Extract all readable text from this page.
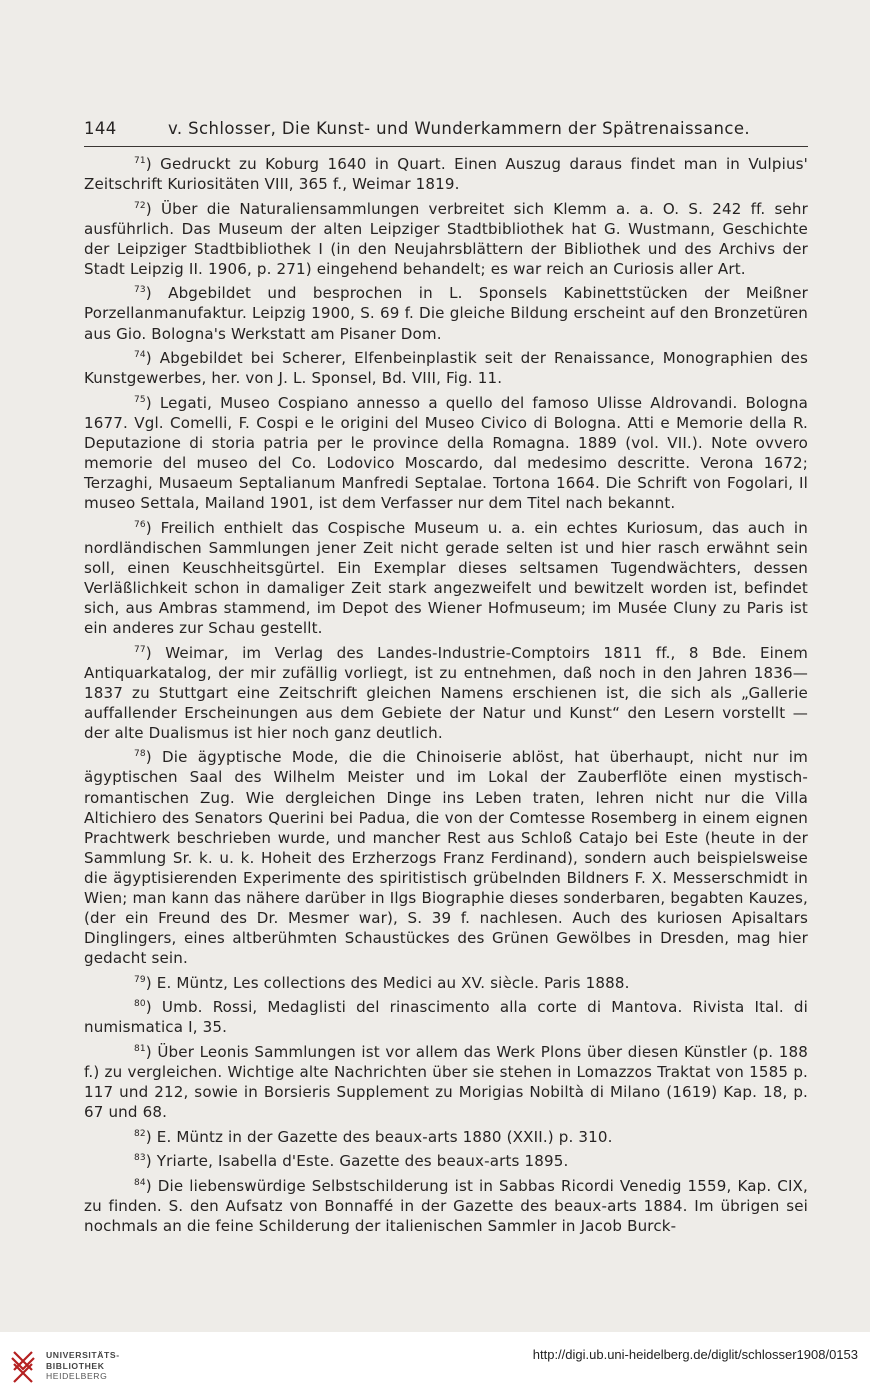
144	v. Schlosser, Die Kunst- und Wunderkammern der Spätrenaissance.

$^{71}$) Gedruckt zu Koburg 1640 in Quart. Einen Auszug daraus findet man in Vulpius' Zeitschrift Kuriositäten VIII, 365 f., Weimar 1819.

$^{72}$) Über die Naturaliensammlungen verbreitet sich Klemm a. a. O. S. 242 ff. sehr ausführlich. Das Museum der alten Leipziger Stadtbibliothek hat G. Wustmann, Geschichte der Leipziger Stadtbibliothek I (in den Neujahrsblättern der Bibliothek und des Archivs der Stadt Leipzig II. 1906, p. 271) eingehend behandelt; es war reich an Curiosis aller Art.

$^{73}$) Abgebildet und besprochen in L. Sponsels Kabinettstücken der Meißner Porzellanmanufaktur. Leipzig 1900, S. 69 f. Die gleiche Bildung erscheint auf den Bronzetüren aus Gio. Bologna's Werkstatt am Pisaner Dom.

$^{74}$) Abgebildet bei Scherer, Elfenbeinplastik seit der Renaissance, Monographien des Kunstgewerbes, her. von J. L. Sponsel, Bd. VIII, Fig. 11.

$^{75}$) Legati, Museo Cospiano annesso a quello del famoso Ulisse Aldrovandi. Bologna 1677. Vgl. Comelli, F. Cospi e le origini del Museo Civico di Bologna. Atti e Memorie della R. Deputazione di storia patria per le province della Romagna. 1889 (vol. VII.). Note ovvero memorie del museo del Co. Lodovico Moscardo, dal medesimo descritte. Verona 1672; Terzaghi, Musaeum Septalianum Manfredi Septalae. Tortona 1664. Die Schrift von Fogolari, Il museo Settala, Mailand 1901, ist dem Verfasser nur dem Titel nach bekannt.

$^{76}$) Freilich enthielt das Cospische Museum u. a. ein echtes Kuriosum, das auch in nordländischen Sammlungen jener Zeit nicht gerade selten ist und hier rasch erwähnt sein soll, einen Keuschheitsgürtel. Ein Exemplar dieses seltsamen Tugendwächters, dessen Verläßlichkeit schon in damaliger Zeit stark angezweifelt und bewitzelt worden ist, befindet sich, aus Ambras stammend, im Depot des Wiener Hofmuseum; im Musée Cluny zu Paris ist ein anderes zur Schau gestellt.

$^{77}$) Weimar, im Verlag des Landes-Industrie-Comptoirs 1811 ff., 8 Bde. Einem Antiquarkatalog, der mir zufällig vorliegt, ist zu entnehmen, daß noch in den Jahren 1836—1837 zu Stuttgart eine Zeitschrift gleichen Namens erschienen ist, die sich als „Gallerie auffallender Erscheinungen aus dem Gebiete der Natur und Kunst“ den Lesern vorstellt — der alte Dualismus ist hier noch ganz deutlich.

$^{78}$) Die ägyptische Mode, die die Chinoiserie ablöst, hat überhaupt, nicht nur im ägyptischen Saal des Wilhelm Meister und im Lokal der Zauberflöte einen mystisch-romantischen Zug. Wie dergleichen Dinge ins Leben traten, lehren nicht nur die Villa Altichiero des Senators Querini bei Padua, die von der Comtesse Rosemberg in einem eignen Prachtwerk beschrieben wurde, und mancher Rest aus Schloß Catajo bei Este (heute in der Sammlung Sr. k. u. k. Hoheit des Erzherzogs Franz Ferdinand), sondern auch beispielsweise die ägyptisierenden Experimente des spiritistisch grübelnden Bildners F. X. Messerschmidt in Wien; man kann das nähere darüber in Ilgs Biographie dieses sonderbaren, begabten Kauzes, (der ein Freund des Dr. Mesmer war), S. 39 f. nachlesen. Auch des kuriosen Apisaltars Dinglingers, eines altberühmten Schaustückes des Grünen Gewölbes in Dresden, mag hier gedacht sein.

$^{79}$) E. Müntz, Les collections des Medici au XV. siècle. Paris 1888.

$^{80}$) Umb. Rossi, Medaglisti del rinascimento alla corte di Mantova. Rivista Ital. di numismatica I, 35.

$^{81}$) Über Leonis Sammlungen ist vor allem das Werk Plons über diesen Künstler (p. 188 f.) zu vergleichen. Wichtige alte Nachrichten über sie stehen in Lomazzos Traktat von 1585 p. 117 und 212, sowie in Borsieris Supplement zu Morigias Nobiltà di Milano (1619) Kap. 18, p. 67 und 68.

$^{82}$) E. Müntz in der Gazette des beaux-arts 1880 (XXII.) p. 310.

$^{83}$) Yriarte, Isabella d'Este. Gazette des beaux-arts 1895.

$^{84}$) Die liebenswürdige Selbstschilderung ist in Sabbas Ricordi Venedig 1559, Kap. CIX, zu finden. S. den Aufsatz von Bonnaffé in der Gazette des beaux-arts 1884. Im übrigen sei nochmals an die feine Schilderung der italienischen Sammler in Jacob Burck-

UNIVERSITÄTS-
BIBLIOTHEK
HEIDELBERG
http://digi.ub.uni-heidelberg.de/diglit/schlosser1908/0153
